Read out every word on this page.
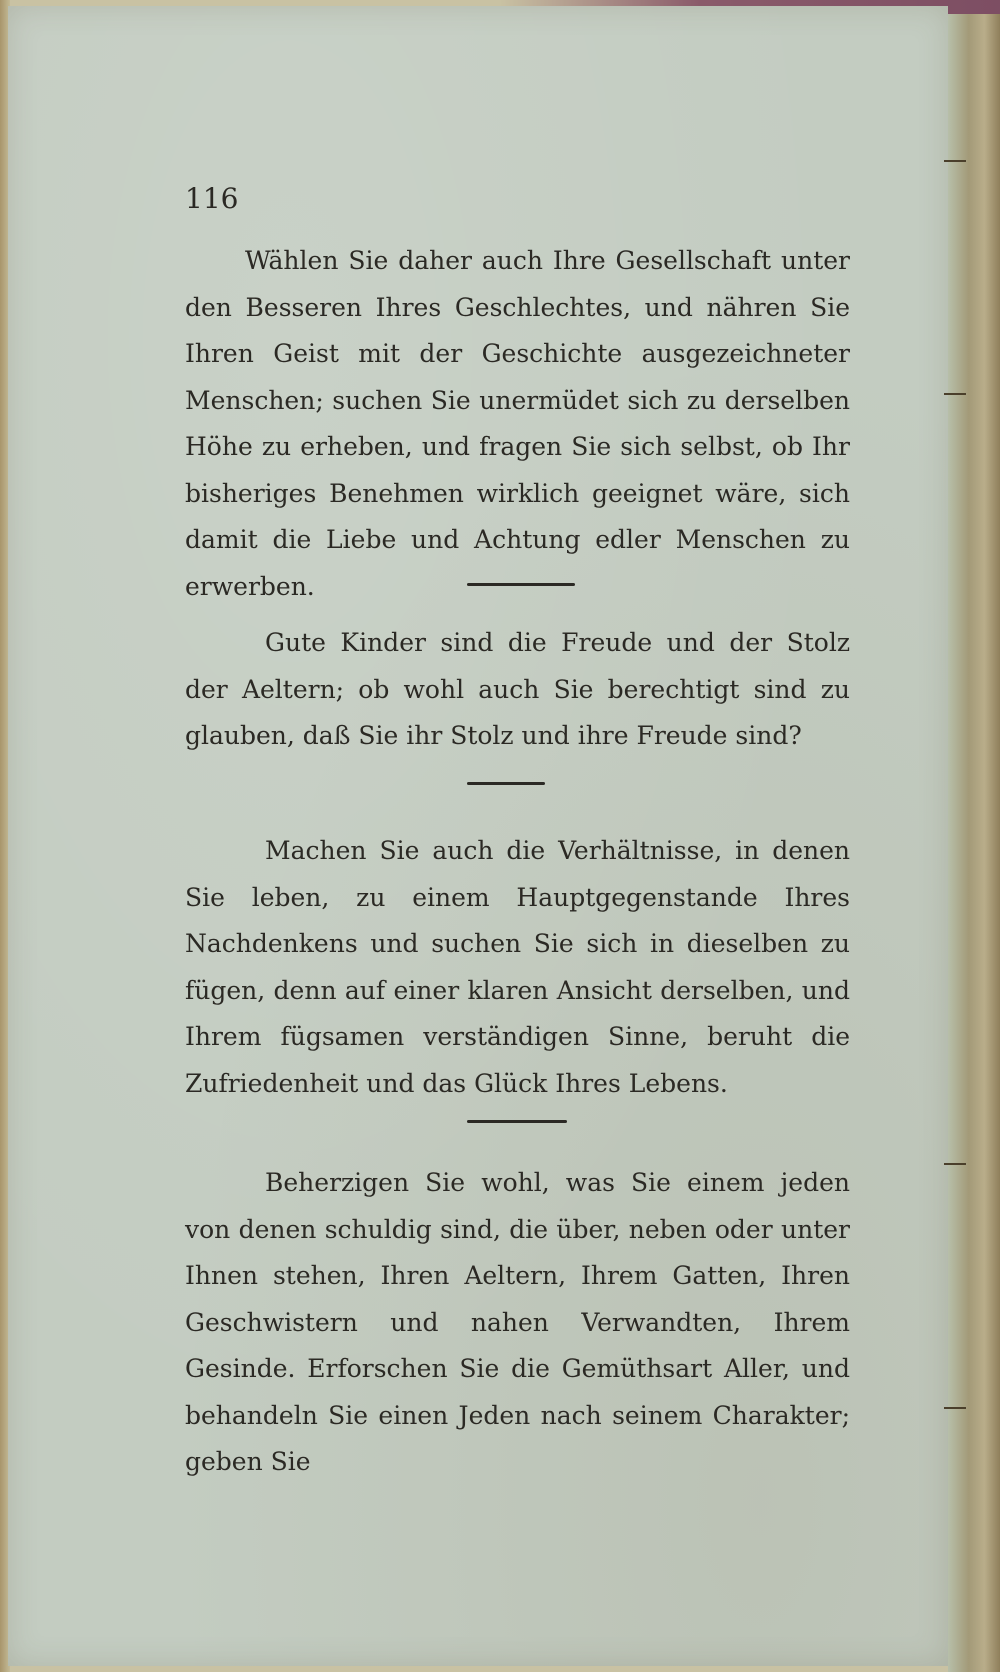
116
Wählen Sie daher auch Ihre Gesellschaft unter den Besseren Ihres Geschlechtes, und nähren Sie Ihren Geist mit der Geschichte ausgezeichneter Menschen; suchen Sie unermüdet sich zu derselben Höhe zu erheben, und fragen Sie sich selbst, ob Ihr bisheriges Benehmen wirklich geeignet wäre, sich damit die Liebe und Achtung edler Menschen zu erwerben.
Gute Kinder sind die Freude und der Stolz der Aeltern; ob wohl auch Sie berechtigt sind zu glauben, daß Sie ihr Stolz und ihre Freude sind?
Machen Sie auch die Verhältnisse, in denen Sie leben, zu einem Hauptgegenstande Ihres Nachdenkens und suchen Sie sich in dieselben zu fügen, denn auf einer klaren Ansicht derselben, und Ihrem fügsamen verständigen Sinne, beruht die Zufriedenheit und das Glück Ihres Lebens.
Beherzigen Sie wohl, was Sie einem jeden von denen schuldig sind, die über, neben oder unter Ihnen stehen, Ihren Aeltern, Ihrem Gatten, Ihren Geschwistern und nahen Verwandten, Ihrem Gesinde. Erforschen Sie die Gemüthsart Aller, und behandeln Sie einen Jeden nach seinem Charakter; geben Sie
